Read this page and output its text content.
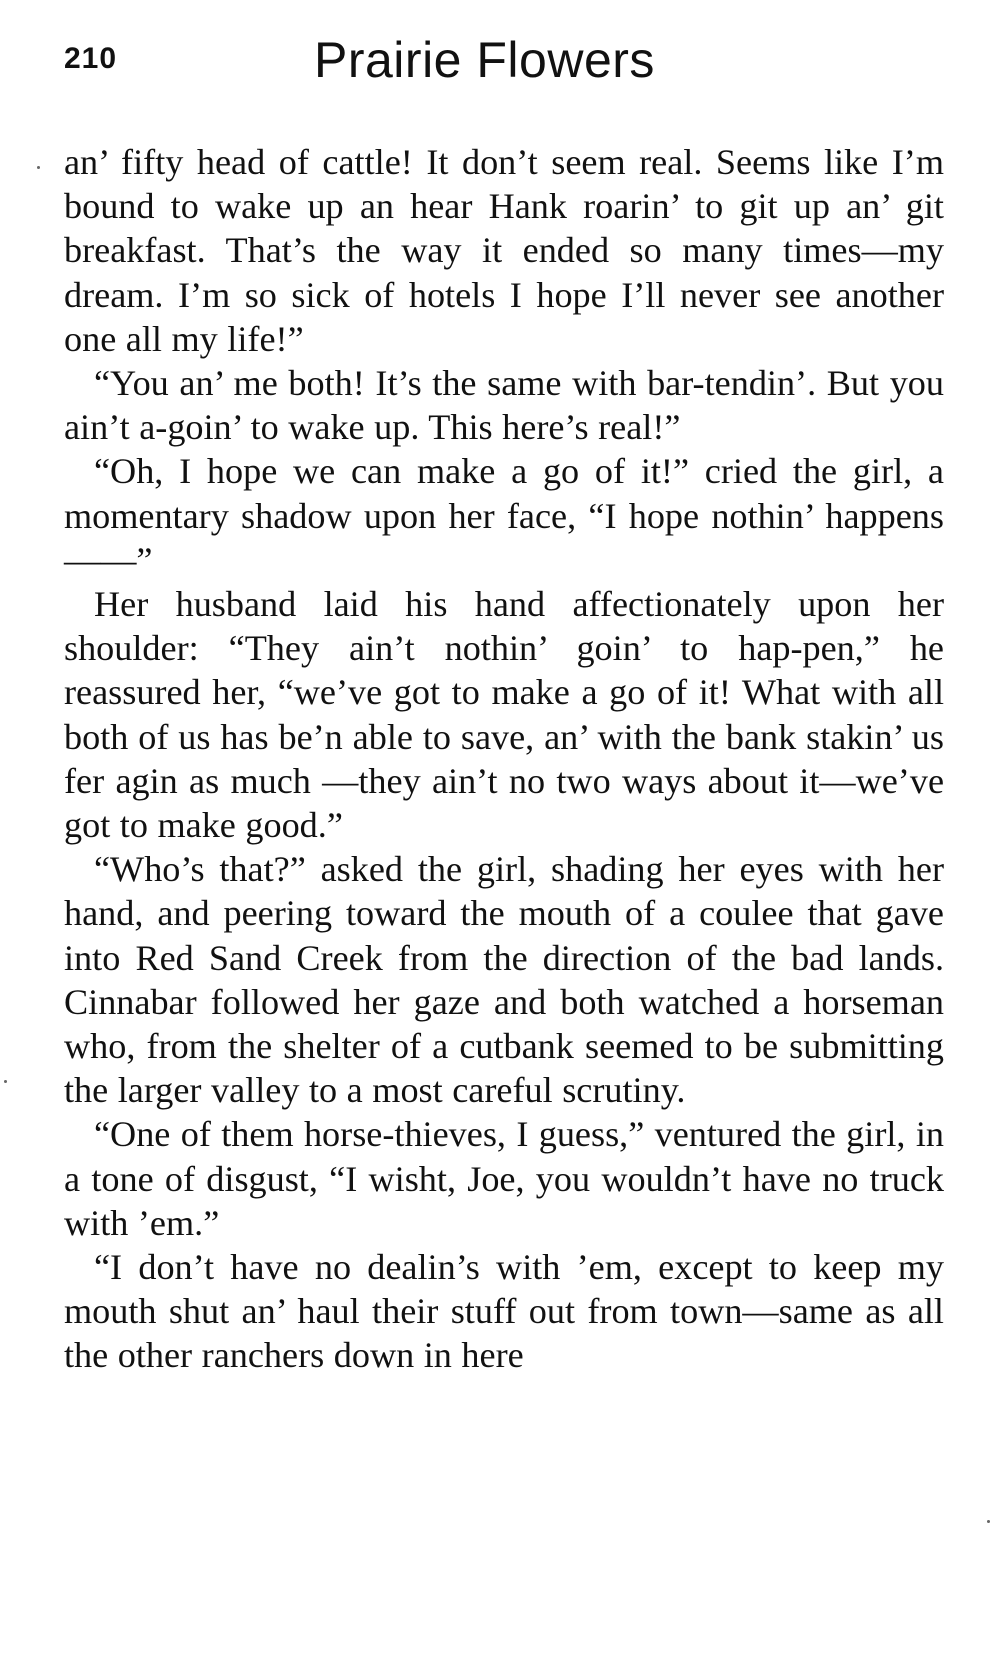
210	Prairie Flowers

an’ fifty head of cattle! It don’t seem real. Seems like I’m bound to wake up an hear Hank roarin’ to git up an’ git breakfast. That’s the way it ended so many times—my dream. I’m so sick of hotels I hope I’ll never see another one all my life!”

“You an’ me both! It’s the same with bar-tendin’. But you ain’t a-goin’ to wake up. This here’s real!”

“Oh, I hope we can make a go of it!” cried the girl, a momentary shadow upon her face, “I hope nothin’ happens——”

Her husband laid his hand affectionately upon her shoulder: “They ain’t nothin’ goin’ to hap-pen,” he reassured her, “we’ve got to make a go of it! What with all both of us has be’n able to save, an’ with the bank stakin’ us fer agin as much —they ain’t no two ways about it—we’ve got to make good.”

“Who’s that?” asked the girl, shading her eyes with her hand, and peering toward the mouth of a coulee that gave into Red Sand Creek from the direction of the bad lands. Cinnabar followed her gaze and both watched a horseman who, from the shelter of a cutbank seemed to be submitting the larger valley to a most careful scrutiny.

“One of them horse-thieves, I guess,” ventured the girl, in a tone of disgust, “I wisht, Joe, you wouldn’t have no truck with ’em.”

“I don’t have no dealin’s with ’em, except to keep my mouth shut an’ haul their stuff out from town—same as all the other ranchers down in here
